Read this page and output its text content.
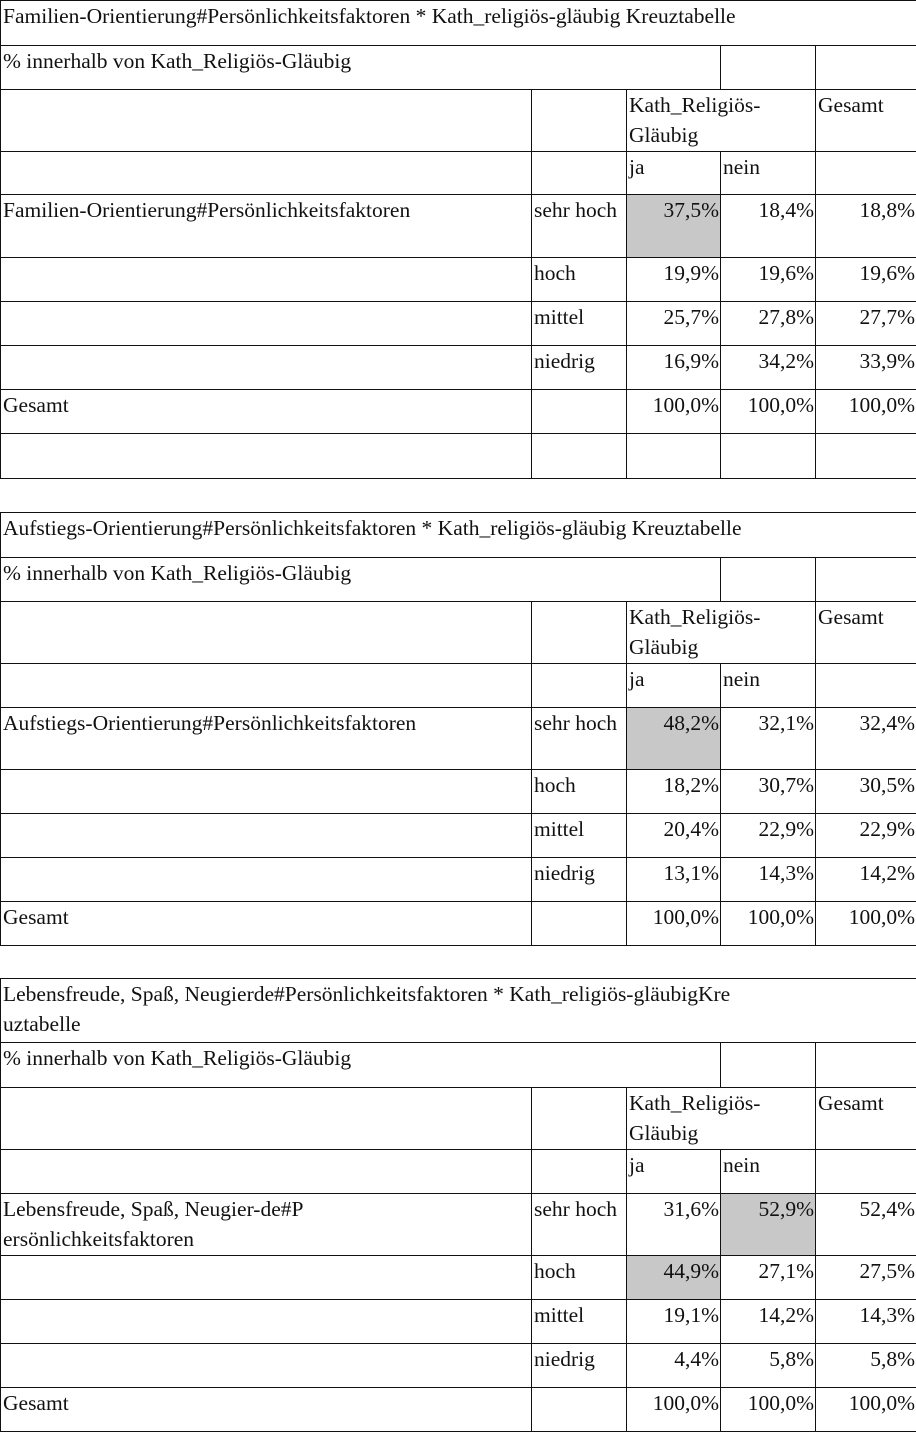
Familien-Orientierung#Persönlichkeitsfaktoren * Kath_religiös-gläubig Kreuztabelle				
% innerhalb von Kath_Religiös-Gläubig				
		Kath_Religiös-Gläubig		Gesamt
		ja	nein	
Familien-Orientierung#Persönlichkeitsfaktoren	sehr hoch	37,5%	18,4%	18,8%
	hoch	19,9%	19,6%	19,6%
	mittel	25,7%	27,8%	27,7%
	niedrig	16,9%	34,2%	33,9%
Gesamt		100,0%	100,0%	100,0%

Aufstiegs-Orientierung#Persönlichkeitsfaktoren * Kath_religiös-gläubig Kreuztabelle				
% innerhalb von Kath_Religiös-Gläubig				
		Kath_Religiös-Gläubig		Gesamt
		ja	nein	
Aufstiegs-Orientierung#Persönlichkeitsfaktoren	sehr hoch	48,2%	32,1%	32,4%
	hoch	18,2%	30,7%	30,5%
	mittel	20,4%	22,9%	22,9%
	niedrig	13,1%	14,3%	14,2%
Gesamt		100,0%	100,0%	100,0%
Lebensfreude, Spaß, Neugierde#Persönlichkeitsfaktoren * Kath_religiös-gläubigKreuztabelle				
% innerhalb von Kath_Religiös-Gläubig				
		Kath_Religiös-Gläubig		Gesamt
		ja	nein	
Lebensfreude, Spaß, Neugier-de#Persönlichkeitsfaktoren	sehr hoch	31,6%	52,9%	52,4%
	hoch	44,9%	27,1%	27,5%
	mittel	19,1%	14,2%	14,3%
	niedrig	4,4%	5,8%	5,8%
Gesamt		100,0%	100,0%	100,0%
